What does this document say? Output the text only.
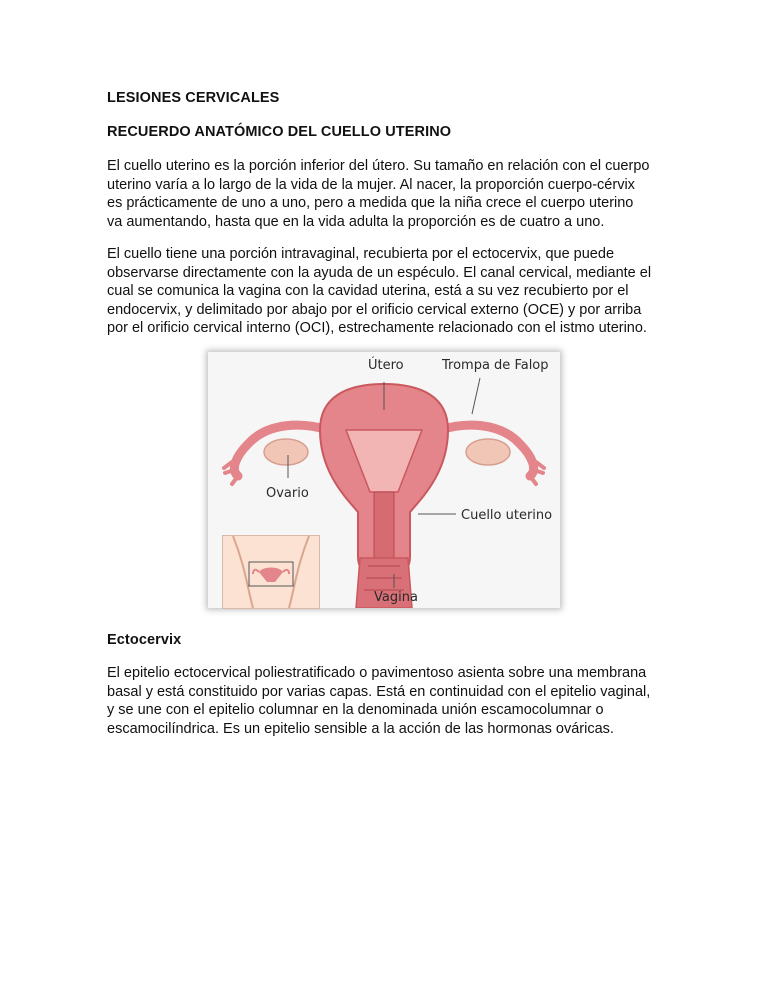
LESIONES CERVICALES

RECUERDO ANATÓMICO DEL CUELLO UTERINO

El cuello uterino es la porción inferior del útero. Su tamaño en relación con el cuerpo uterino varía a lo largo de la vida de la mujer. Al nacer, la proporción cuerpo-cérvix es prácticamente de uno a uno, pero a medida que la niña crece el cuerpo uterino va aumentando, hasta que en la vida adulta la proporción es de cuatro a uno.

El cuello tiene una porción intravaginal, recubierta por el ectocervix, que puede observarse directamente con la ayuda de un espéculo. El canal cervical, mediante el cual se comunica la vagina con la cavidad uterina, está a su vez recubierto por el endocervix, y delimitado por abajo por el orificio cervical externo (OCE) y por arriba por el orificio cervical interno (OCI), estrechamente relacionado con el istmo uterino.

Útero	Trompa de Falop
Ovario
Cuello uterino
Vagina

Ectocervix

El epitelio ectocervical poliestratificado o pavimentoso asienta sobre una membrana basal y está constituido por varias capas. Está en continuidad con el epitelio vaginal, y se une con el epitelio columnar en la denominada unión escamocolumnar o escamocilíndrica. Es un epitelio sensible a la acción de las hormonas ováricas.
